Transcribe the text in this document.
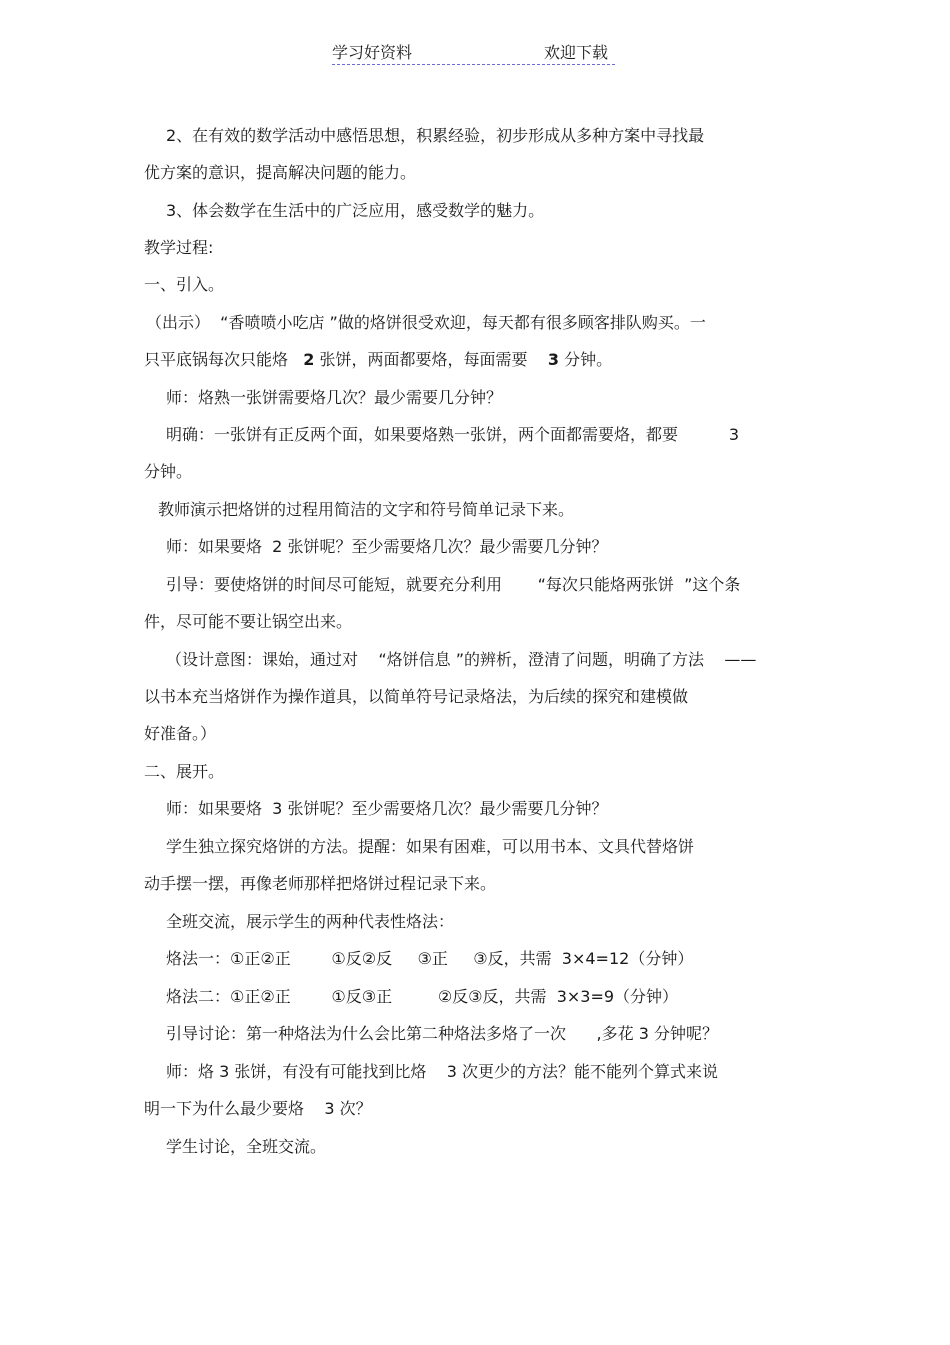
学习好资料	欢迎下载

2、在有效的数学活动中感悟思想，积累经验，初步形成从多种方案中寻找最

优方案的意识，提高解决问题的能力。

3、体会数学在生活中的广泛应用，感受数学的魅力。

教学过程:

一、引入。

（出示）  “香喷喷小吃店 ”做的烙饼很受欢迎，每天都有很多顾客排队购买。一

只平底锅每次只能烙   2 张饼，两面都要烙，每面需要    3 分钟。

师：烙熟一张饼需要烙几次？最少需要几分钟？

明确：一张饼有正反两个面，如果要烙熟一张饼，两个面都需要烙，都要          3

分钟。

教师演示把烙饼的过程用简洁的文字和符号简单记录下来。

师：如果要烙  2 张饼呢？至少需要烙几次？最少需要几分钟？

引导：要使烙饼的时间尽可能短，就要充分利用       “每次只能烙两张饼  ”这个条

件，尽可能不要让锅空出来。

（设计意图：课始，通过对    “烙饼信息 ”的辨析，澄清了问题，明确了方法    ——

以书本充当烙饼作为操作道具，以简单符号记录烙法，为后续的探究和建模做

好准备。）

二、展开。

师：如果要烙  3 张饼呢？至少需要烙几次？最少需要几分钟？

学生独立探究烙饼的方法。提醒：如果有困难，可以用书本、文具代替烙饼

动手摆一摆，再像老师那样把烙饼过程记录下来。

全班交流，展示学生的两种代表性烙法：

烙法一：①正②正        ①反②反     ③正     ③反，共需  3×4=12（分钟）

烙法二：①正②正        ①反③正         ②反③反，共需  3×3=9（分钟）

引导讨论：第一种烙法为什么会比第二种烙法多烙了一次      ,多花 3 分钟呢？

师：烙 3 张饼，有没有可能找到比烙    3 次更少的方法？能不能列个算式来说

明一下为什么最少要烙    3 次？

学生讨论，全班交流。
